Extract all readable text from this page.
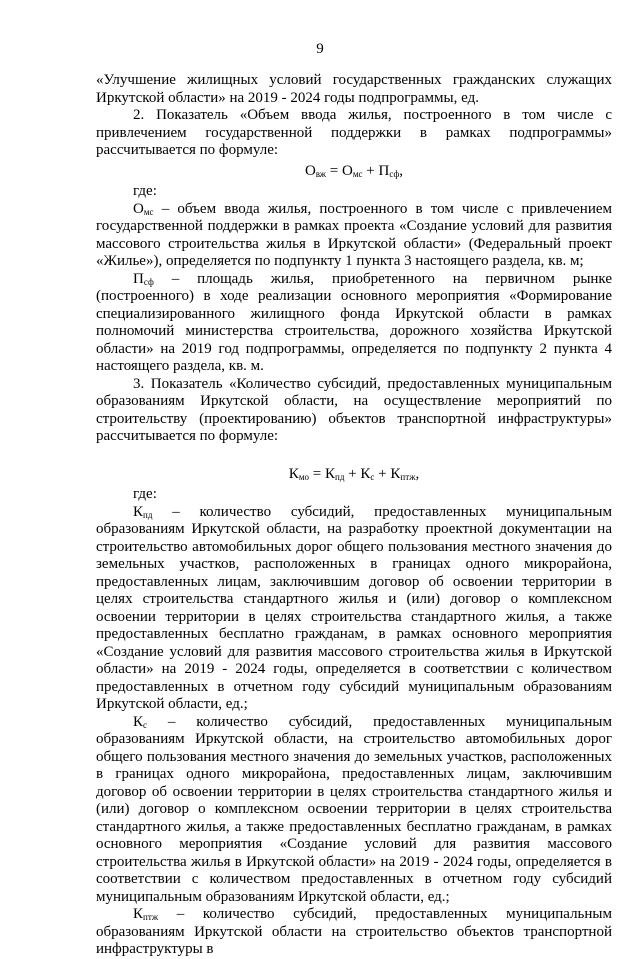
9

«Улучшение жилищных условий государственных гражданских служащих Иркутской области» на 2019 - 2024 годы подпрограммы, ед.

2. Показатель «Объем ввода жилья, построенного в том числе с привлечением государственной поддержки в рамках подпрограммы» рассчитывается по формуле:

$О_{вж} = О_{мс} + П_{сф}$,
где:

$О_{мс}$ – объем ввода жилья, построенного в том числе с привлечением государственной поддержки в рамках проекта «Создание условий для развития массового строительства жилья в Иркутской области» (Федеральный проект «Жилье»), определяется по подпункту 1 пункта 3 настоящего раздела, кв. м;

$П_{сф}$ – площадь жилья, приобретенного на первичном рынке (построенного) в ходе реализации основного мероприятия «Формирование специализированного жилищного фонда Иркутской области в рамках полномочий министерства строительства, дорожного хозяйства Иркутской области» на 2019 год подпрограммы, определяется по подпункту 2 пункта 4 настоящего раздела, кв. м.

3. Показатель «Количество субсидий, предоставленных муниципальным образованиям Иркутской области, на осуществление мероприятий по строительству (проектированию) объектов транспортной инфраструктуры» рассчитывается по формуле:

$К_{мо} = К_{пд} + К_с + К_{птж}$,
где:

$К_{пд}$ – количество субсидий, предоставленных муниципальным образованиям Иркутской области, на разработку проектной документации на строительство автомобильных дорог общего пользования местного значения до земельных участков, расположенных в границах одного микрорайона, предоставленных лицам, заключившим договор об освоении территории в целях строительства стандартного жилья и (или) договор о комплексном освоении территории в целях строительства стандартного жилья, а также предоставленных бесплатно гражданам, в рамках основного мероприятия «Создание условий для развития массового строительства жилья в Иркутской области» на 2019 - 2024 годы, определяется в соответствии с количеством предоставленных в отчетном году субсидий муниципальным образованиям Иркутской области, ед.;

$К_с$ – количество субсидий, предоставленных муниципальным образованиям Иркутской области, на строительство автомобильных дорог общего пользования местного значения до земельных участков, расположенных в границах одного микрорайона, предоставленных лицам, заключившим договор об освоении территории в целях строительства стандартного жилья и (или) договор о комплексном освоении территории в целях строительства стандартного жилья, а также предоставленных бесплатно гражданам, в рамках основного мероприятия «Создание условий для развития массового строительства жилья в Иркутской области» на 2019 - 2024 годы, определяется в соответствии с количеством предоставленных в отчетном году субсидий муниципальным образованиям Иркутской области, ед.;

$К_{птж}$ – количество субсидий, предоставленных муниципальным образованиям Иркутской области на строительство объектов транспортной инфраструктуры в
